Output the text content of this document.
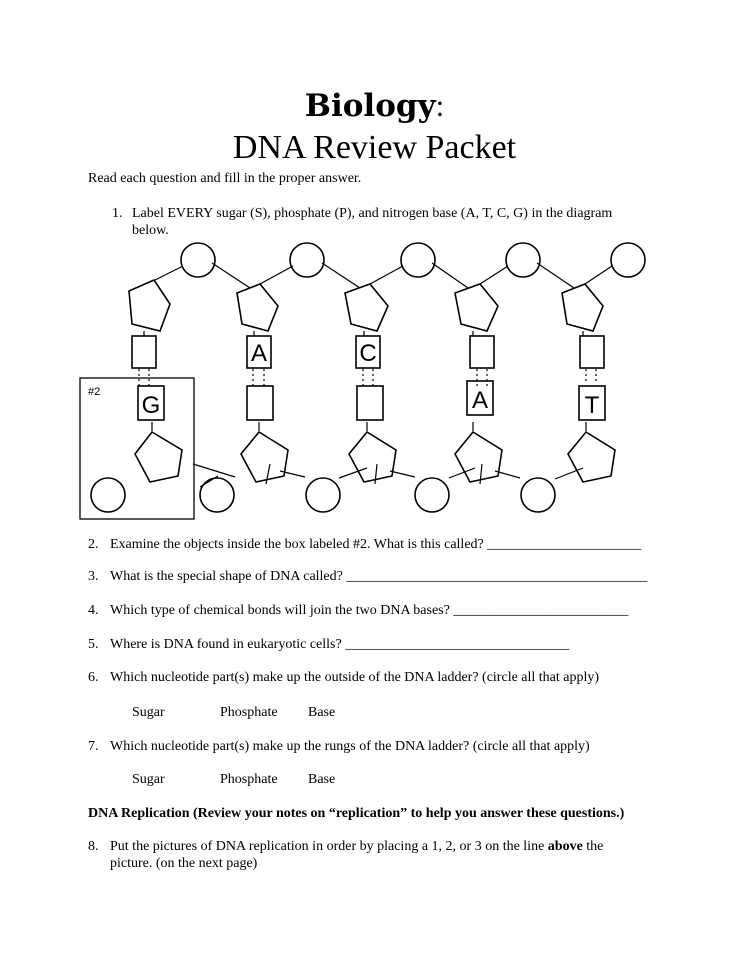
Biology:
DNA Review Packet
Read each question and fill in the proper answer.
1. Label EVERY sugar (S), phosphate (P), and nitrogen base (A, T, C, G) in the diagram
below.
#2
A	C
G	A	T
2. Examine the objects inside the box labeled #2. What is this called? ______________________
3. What is the special shape of DNA called? ___________________________________________
4. Which type of chemical bonds will join the two DNA bases? _________________________
5. Where is DNA found in eukaryotic cells? ________________________________
6. Which nucleotide part(s) make up the outside of the DNA ladder? (circle all that apply)
Sugar	Phosphate Base
7. Which nucleotide part(s) make up the rungs of the DNA ladder? (circle all that apply)
Sugar	Phosphate Base
DNA Replication (Review your notes on “replication” to help you answer these questions.)
8. Put the pictures of DNA replication in order by placing a 1, 2, or 3 on the line above the
picture. (on the next page)
